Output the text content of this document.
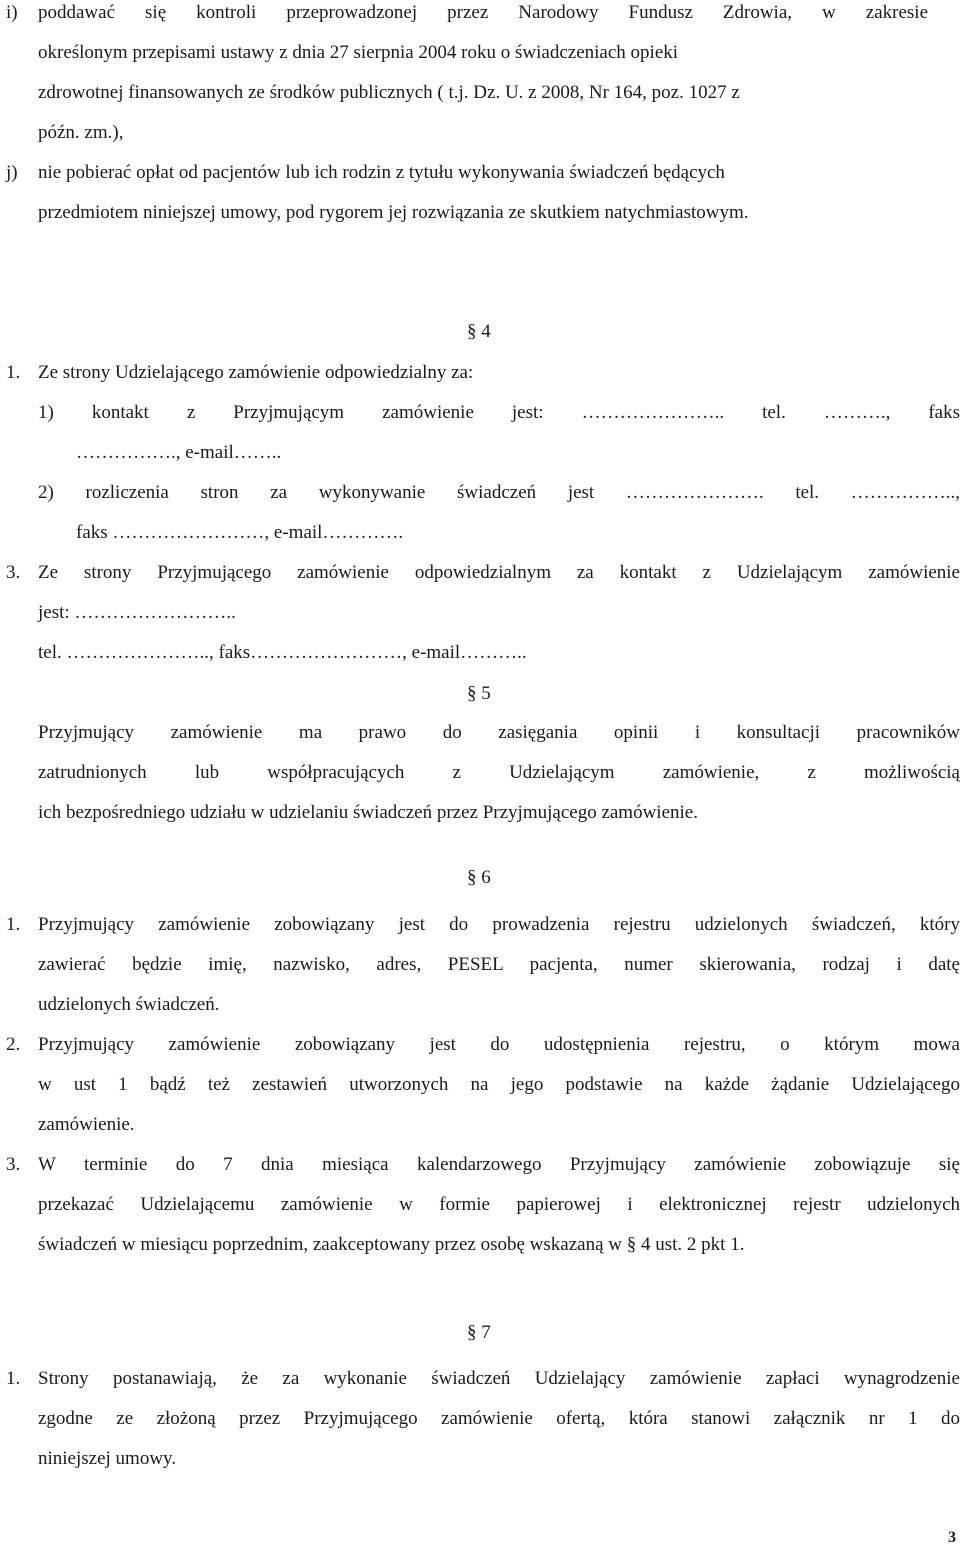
i) poddawać się kontroli przeprowadzonej przez Narodowy Fundusz Zdrowia, w zakresie
określonym przepisami ustawy z dnia 27 sierpnia 2004 roku o świadczeniach opieki
zdrowotnej finansowanych ze środków publicznych ( t.j. Dz. U. z 2008, Nr 164, poz. 1027 z
późn. zm.),
j) nie pobierać opłat od pacjentów lub ich rodzin z tytułu wykonywania świadczeń będących
przedmiotem niniejszej umowy, pod rygorem jej rozwiązania ze skutkiem natychmiastowym.
§ 4
1. Ze strony Udzielającego zamówienie odpowiedzialny za:
1) kontakt z Przyjmującym zamówienie jest: ………………….. tel. ………., faks
……………., e-mail……..
2) rozliczenia stron za wykonywanie świadczeń jest …………………. tel. ……………..,
faks ……………………, e-mail………….
3. Ze strony Przyjmującego zamówienie odpowiedzialnym za kontakt z Udzielającym zamówienie
jest: ……………………..
tel. ………………….., faks……………………, e-mail………..
§ 5
Przyjmujący zamówienie ma prawo do zasięgania opinii i konsultacji pracowników
zatrudnionych lub współpracujących z Udzielającym zamówienie, z możliwością
ich bezpośredniego udziału w udzielaniu świadczeń przez Przyjmującego zamówienie.
§ 6
1. Przyjmujący zamówienie zobowiązany jest do prowadzenia rejestru udzielonych świadczeń, który
zawierać będzie imię, nazwisko, adres, PESEL pacjenta, numer skierowania, rodzaj i datę
udzielonych świadczeń.
2. Przyjmujący zamówienie zobowiązany jest do udostępnienia rejestru, o którym mowa
w ust 1 bądź też zestawień utworzonych na jego podstawie na każde żądanie Udzielającego
zamówienie.
3. W terminie do 7 dnia miesiąca kalendarzowego Przyjmujący zamówienie zobowiązuje się
przekazać Udzielającemu zamówienie w formie papierowej i elektronicznej rejestr udzielonych
świadczeń w miesiącu poprzednim, zaakceptowany przez osobę wskazaną w § 4 ust. 2 pkt 1.
§ 7
1. Strony postanawiają, że za wykonanie świadczeń Udzielający zamówienie zapłaci wynagrodzenie
zgodne ze złożoną przez Przyjmującego zamówienie ofertą, która stanowi załącznik nr 1 do
niniejszej umowy.
3
